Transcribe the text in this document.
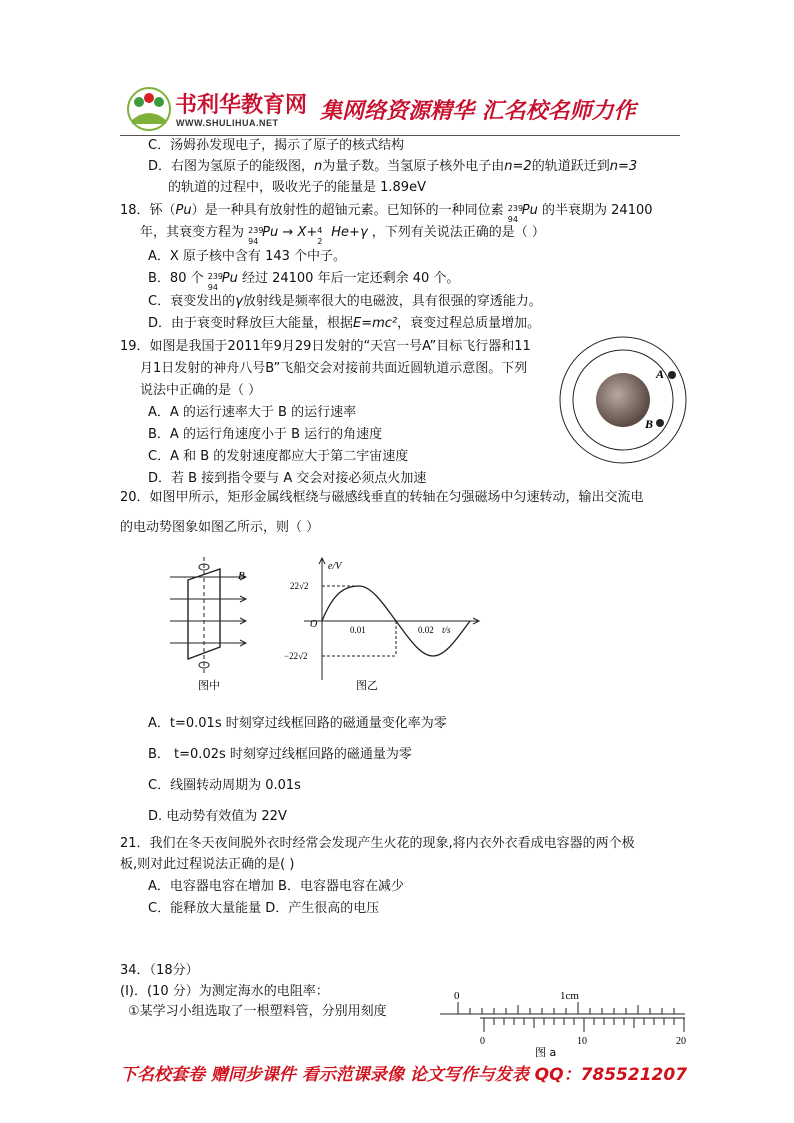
书利华教育网
WWW.SHULIHUA.NET 集网络资源精华 汇名校名师力作
C．汤姆孙发现电子，揭示了原子的核式结构
D．右图为氢原子的能级图，n为量子数。当氢原子核外电子由n=2的轨道跃迁到n=3
的轨道的过程中，吸收光子的能量是 1.89eV
18．钚（Pu）是一种具有放射性的超铀元素。已知钚的一种同位素 239
94
Pu 的半衰期为 24100
年，其衰变方程为 239
94
Pu → X+ 4
2
He+γ ，下列有关说法正确的是（ ）
A．X 原子核中含有 143 个中子。
B．80 个 239
94
Pu 经过 24100 年后一定还剩余 40 个。
C．衰变发出的γ放射线是频率很大的电磁波，具有很强的穿透能力。
D．由于衰变时释放巨大能量，根据E=mc²，衰变过程总质量增加。
19．如图是我国于2011年9月29日发射的“天宫一号A”目标飞行器和11
月1日发射的神舟八号B”飞船交会对接前共面近圆轨道示意图。下列
说法中正确的是（ ）
A．A 的运行速率大于 B 的运行速率
B．A 的运行角速度小于 B 运行的角速度
C．A 和 B 的发射速度都应大于第二宇宙速度
D．若 B 接到指令要与 A 交会对接必须点火加速
A
B
20．如图甲所示，矩形金属线框绕与磁感线垂直的转轴在匀强磁场中匀速转动，输出交流电
的电动势图象如图乙所示，则（ ）
B
图中
e/V
22√2
−22√2
O	0.01	0.02 t/s
图乙
A．t=0.01s 时刻穿过线框回路的磁通量变化率为零
B． t=0.02s 时刻穿过线框回路的磁通量为零
C．线圈转动周期为 0.01s
D. 电动势有效值为 22V
21．我们在冬天夜间脱外衣时经常会发现产生火花的现象,将内衣外衣看成电容器的两个极
板,则对此过程说法正确的是( )
A．电容器电容在增加 B．电容器电容在减少
C．能释放大量能量 D．产生很高的电压
34．（18分）
(Ⅰ)．(10 分）为测定海水的电阻率：
①某学习小组选取了一根塑料管，分别用刻度
0	1cm
0	10	20
图 a
下名校套卷 赠同步课件 看示范课录像 论文写作与发表 QQ：785521207
